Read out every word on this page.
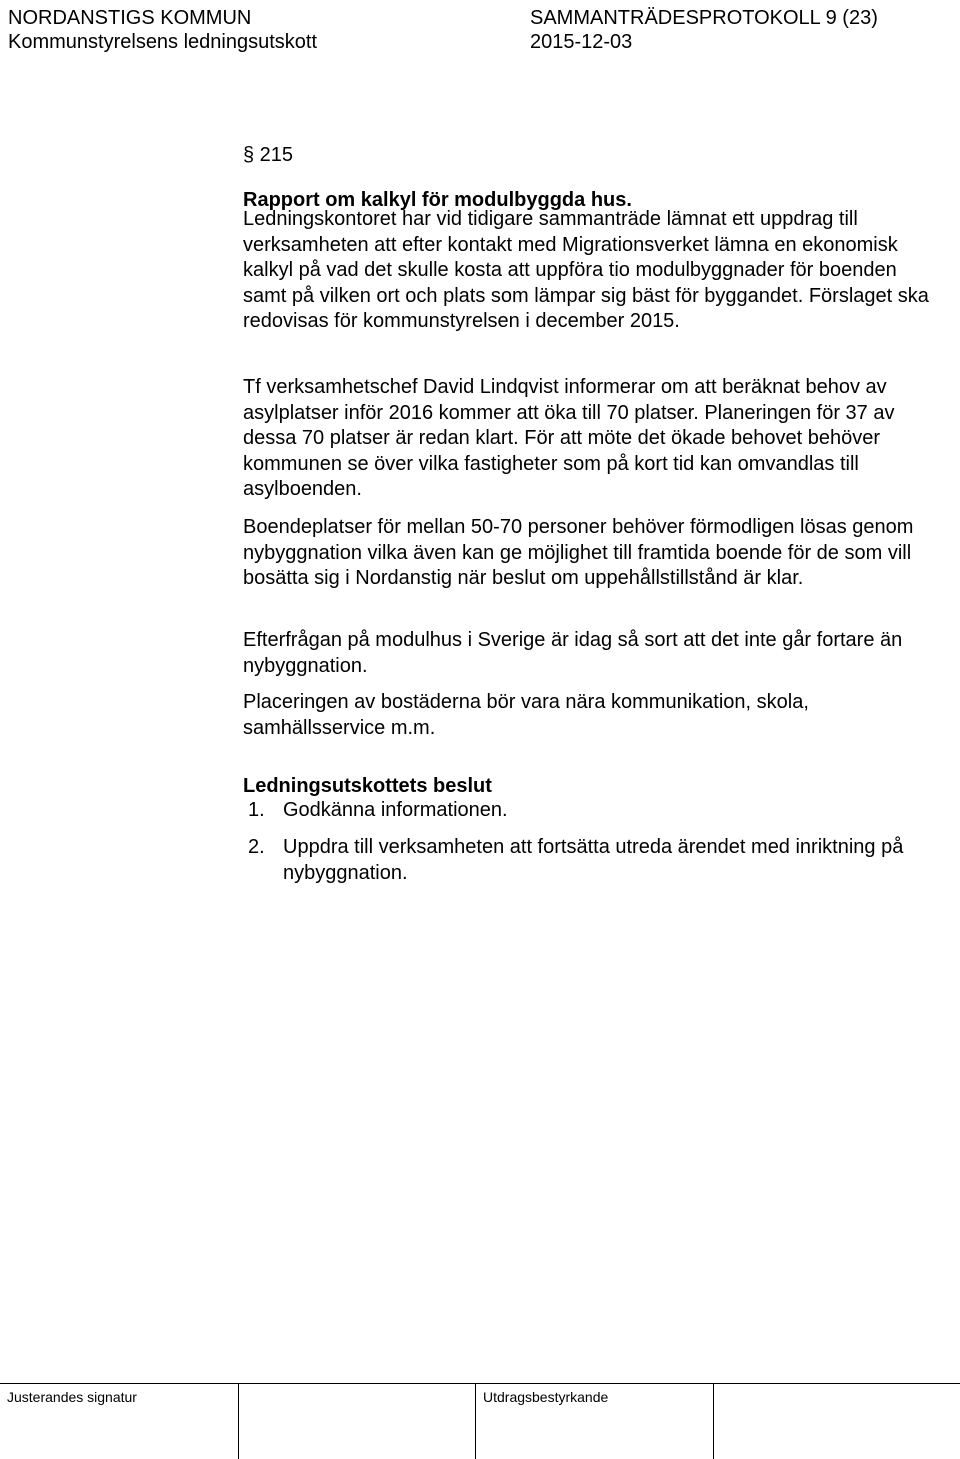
NORDANSTIGS KOMMUN
Kommunstyrelsens ledningsutskott
SAMMANTRÄDESPROTOKOLL 9 (23)
2015-12-03
§ 215
Rapport om kalkyl för modulbyggda hus.

Ledningskontoret har vid tidigare sammanträde lämnat ett uppdrag till verksamheten att efter kontakt med Migrationsverket lämna en ekonomisk kalkyl på vad det skulle kosta att uppföra tio modulbyggnader för boenden samt på vilken ort och plats som lämpar sig bäst för byggandet. Förslaget ska redovisas för kommunstyrelsen i december 2015.

Tf verksamhetschef David Lindqvist informerar om att beräknat behov av asylplatser inför 2016 kommer att öka till 70 platser. Planeringen för 37 av dessa 70 platser är redan klart. För att möte det ökade behovet behöver kommunen se över vilka fastigheter som på kort tid kan omvandlas till asylboenden.

Boendeplatser för mellan 50-70 personer behöver förmodligen lösas genom nybyggnation vilka även kan ge möjlighet till framtida boende för de som vill bosätta sig i Nordanstig när beslut om uppehållstillstånd är klar.

Efterfrågan på modulhus i Sverige är idag så sort att det inte går fortare än nybyggnation.

Placeringen av bostäderna bör vara nära kommunikation, skola, samhällsservice m.m.

Ledningsutskottets beslut
1. Godkänna informationen.
2. Uppdra till verksamheten att fortsätta utreda ärendet med inriktning på nybyggnation.
Justerandes signatur	Utdragsbestyrkande
